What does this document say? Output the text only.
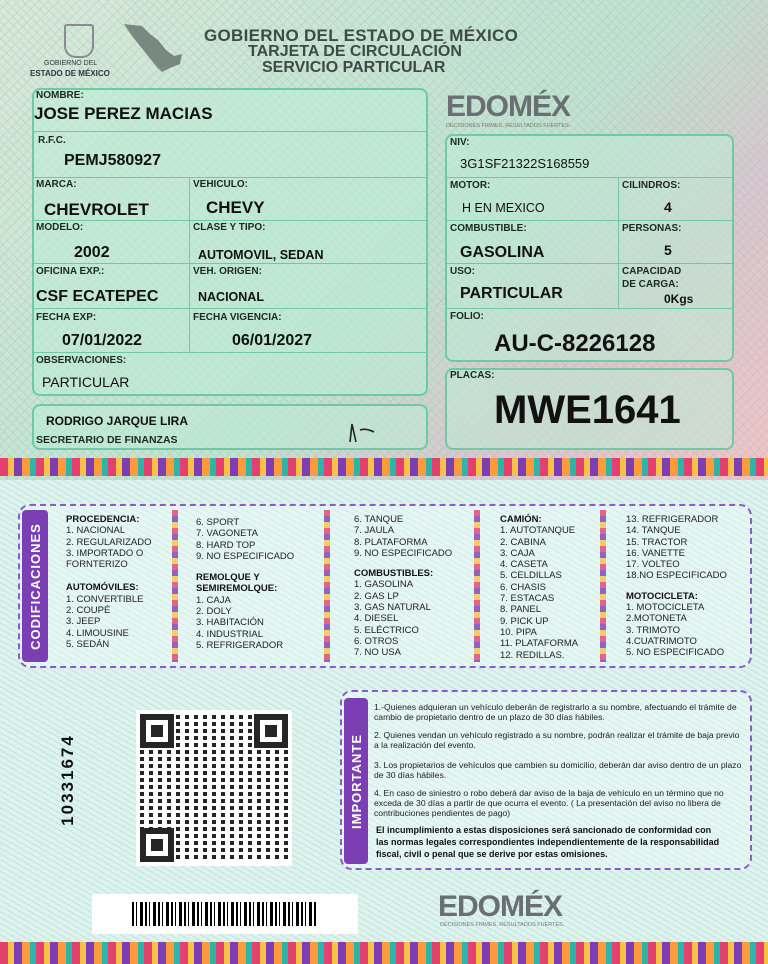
GOBIERNO DEL
ESTADO DE MÉXICO
GOBIERNO DEL ESTADO DE MÉXICO
TARJETA DE CIRCULACIÓN
SERVICIO PARTICULAR
EDOMÉX
DECISIONES FIRMES, RESULTADOS FUERTES.
NOMBRE:
JOSE PEREZ MACIAS
R.F.C.
PEMJ580927
MARCA:
CHEVROLET
VEHICULO:
CHEVY
MODELO:
2002
CLASE Y TIPO:
AUTOMOVIL, SEDAN
OFICINA EXP.:
CSF ECATEPEC
VEH. ORIGEN:
NACIONAL
FECHA EXP:
07/01/2022
FECHA VIGENCIA:
06/01/2027
OBSERVACIONES:
PARTICULAR
RODRIGO JARQUE LIRA
SECRETARIO DE FINANZAS
NIV:
3G1SF21322S168559
MOTOR:
H EN MEXICO
CILINDROS:
4
COMBUSTIBLE:
GASOLINA
PERSONAS:
5
USO:
PARTICULAR
CAPACIDAD
DE CARGA:
0Kgs
FOLIO:
AU-C-8226128
PLACAS:
MWE1641
CODIFICACIONES
PROCEDENCIA:
1. NACIONAL
2. REGULARIZADO
3. IMPORTADO O
FORNTERIZO
AUTOMÓVILES:
1. CONVERTIBLE
2. COUPÉ
3. JEEP
4. LIMOUSINE
5. SEDÁN
6. SPORT
7. VAGONETA
8. HARD TOP
9. NO ESPECIFICADO
REMOLQUE Y
SEMIREMOLQUE:
1. CAJA
2. DOLY
3. HABITACIÓN
4. INDUSTRIAL
5. REFRIGERADOR
6. TANQUE
7. JAULA
8. PLATAFORMA
9. NO ESPECIFICADO
COMBUSTIBLES:
1. GASOLINA
2. GAS LP
3. GAS NATURAL
4. DIESEL
5. ELÉCTRICO
6. OTROS
7. NO USA
CAMIÓN:
1. AUTOTANQUE
2. CABINA
3. CAJA
4. CASETA
5. CELDILLAS
6. CHASIS
7. ESTACAS
8. PANEL
9. PICK UP
10. PIPA
11. PLATAFORMA
12. REDILLAS.
13. REFRIGERADOR
14. TANQUE
15. TRACTOR
16. VANETTE
17. VOLTEO
18.NO ESPECIFICADO
MOTOCICLETA:
1. MOTOCICLETA
2.MOTONETA
3. TRIMOTO
4.CUATRIMOTO
5. NO ESPECIFICADO
10331674	IMPORTANTE
1.-Quienes adquieran un vehículo deberán de registrarlo a su nombre, afectuando el trámite de cambio de propietario dentro de un plazo de 30 días hábiles.
2. Quienes vendan un vehículo registrado a su nombre, podrán realizar el trámite de baja previo a la realización del evento.
3. Los propietarios de vehículos que cambien su domicilio, deberán dar aviso dentro de un plazo de 30 días hábiles.
4. En caso de siniestro o robo deberá dar aviso de la baja de vehículo en un término que no exceda de 30 días a partir de que ocurra el evento. ( La presentación del aviso no libera de contribuciones pendientes de pago)
El incumplimiento a estas disposiciones será sancionado de conformidad con las normas legales correspondientes independientemente de la responsabilidad fiscal, civil o penal que se derive por estas omisiones.
EDOMÉX
DECISIONES FIRMES, RESULTADOS FUERTES.
